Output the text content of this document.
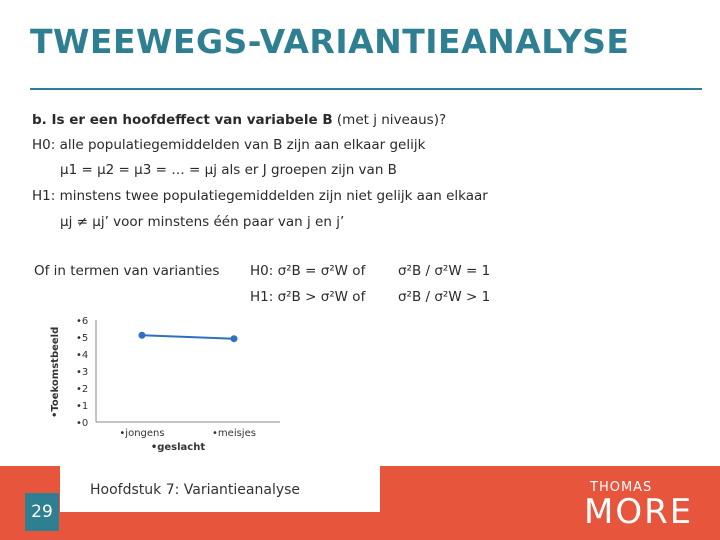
TWEEWEGS-VARIANTIEANALYSE
b. Is er een hoofdeffect van variabele B (met j niveaus)?
H0: alle populatiegemiddelden van B zijn aan elkaar gelijk
μ1 = μ2 = μ3 = … = μj als er J groepen zijn van B
H1: minstens twee populatiegemiddelden zijn niet gelijk aan elkaar
μj ≠ μj’ voor minstens één paar van j en j’
Of in termen van varianties H0: σ²B = σ²W of σ²B / σ²W = 1
H1: σ²B > σ²W of σ²B / σ²W > 1
•0
•1
•2
•3
•4
•5
•6
•Toekomstbeeld
•jongens	•meisjes
•geslacht
Hoofdstuk 7: Variantieanalyse
29
THOMAS
MORE
